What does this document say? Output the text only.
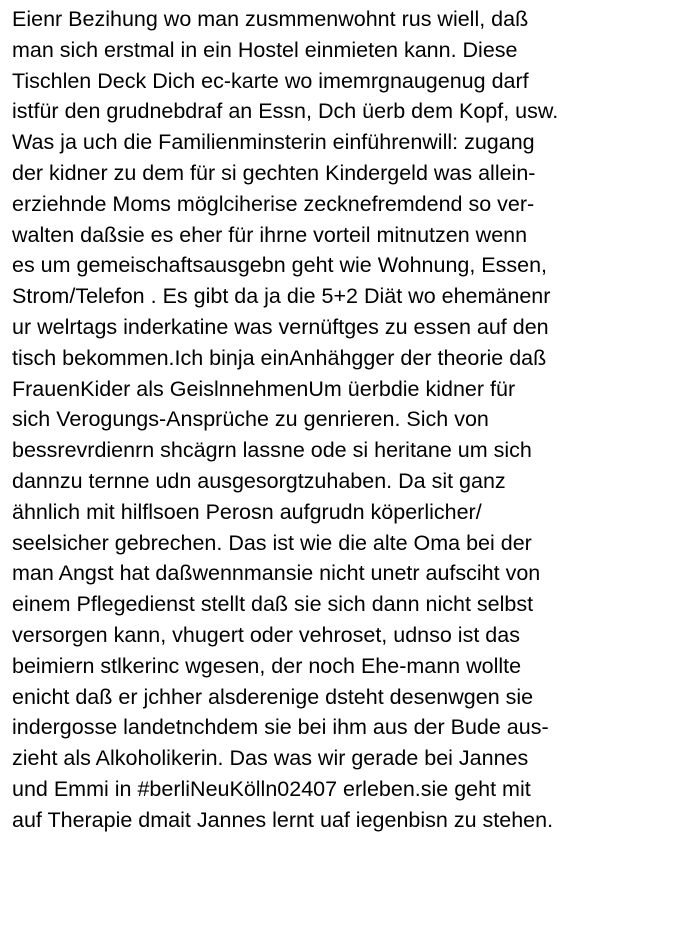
Eienr Bezihung wo man zusmmenwohnt rus wiell, daß
man sich erstmal in ein Hostel einmieten kann. Diese
Tischlen Deck Dich ec-karte wo imemrgnaugenug darf
istfür den grudnebdraf an Essn, Dch üerb dem Kopf, usw.
Was ja uch die Familienminsterin einführenwill: zugang
der kidner zu dem für si gechten Kindergeld was allein-
erziehnde Moms möglciherise zecknefremdend so ver-
walten daßsie es eher für ihrne vorteil mitnutzen wenn
es um gemeischaftsausgebn geht wie Wohnung, Essen,
Strom/Telefon . Es gibt da ja die 5+2 Diät wo ehemänenr
ur welrtags inderkatine was vernüftges zu essen auf den
tisch bekommen.Ich binja einAnhähgger der theorie daß
FrauenKider als GeislnnehmenUm üerbdie kidner für
sich Verogungs-Ansprüche zu genrieren. Sich von
bessrevrdienrn shcägrn lassne ode si heritane um sich
dannzu ternne udn ausgesorgtzuhaben. Da sit ganz
ähnlich mit hilflsoen Perosn aufgrudn köperlicher/
seelsicher gebrechen. Das ist wie die alte Oma bei der
man Angst hat daßwennmansie nicht unetr aufsciht von
einem Pflegedienst stellt daß sie sich dann nicht selbst
versorgen kann, vhugert oder vehroset, udnso ist das
beimiern stlkerinc wgesen, der noch Ehe-mann wollte
enicht daß er jchher alsderenige dsteht desenwgen sie
indergosse landetnchdem sie bei ihm aus der Bude aus-
zieht als Alkoholikerin. Das was wir gerade bei Jannes
und Emmi in #berliNeuKölln02407 erleben.sie geht mit
auf Therapie dmait Jannes lernt uaf iegenbisn zu stehen.
